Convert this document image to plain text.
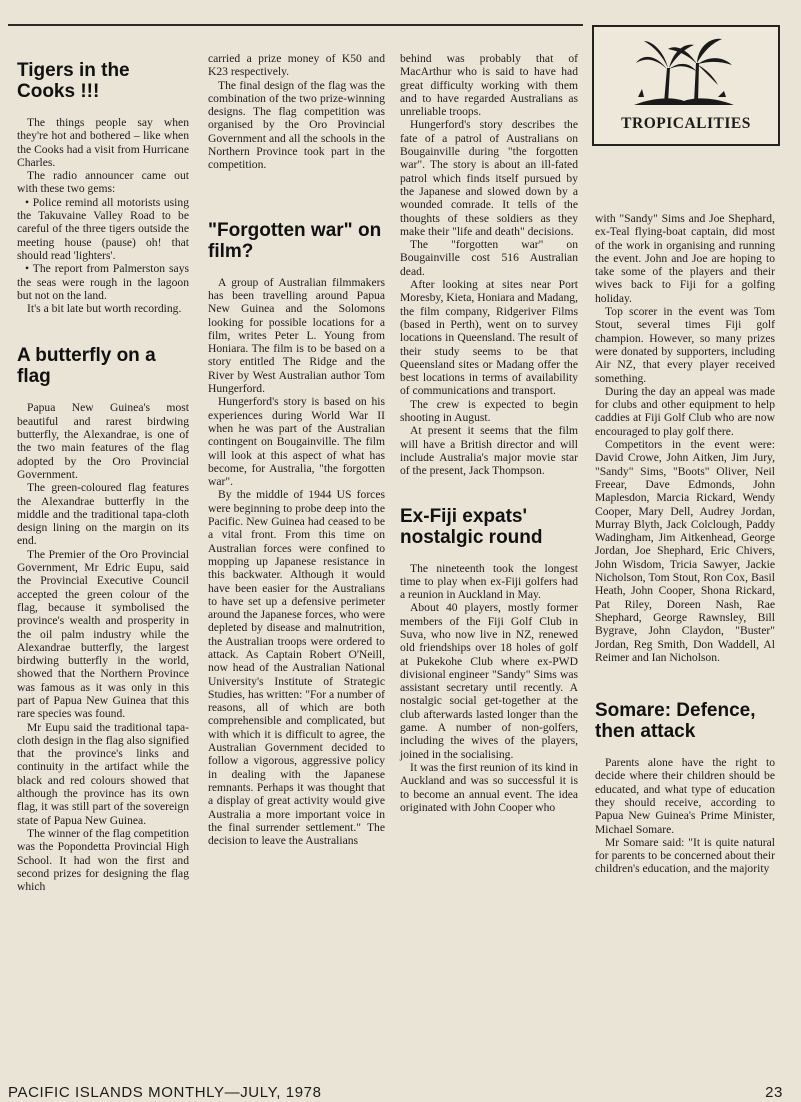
Tigers in the Cooks !!!

The things people say when they're hot and bothered – like when the Cooks had a visit from Hurricane Charles.

The radio announcer came out with these two gems:

• Police remind all motorists using the Takuvaine Valley Road to be careful of the three tigers outside the meeting house (pause) oh! that should read 'lighters'.

• The report from Palmerston says the seas were rough in the lagoon but not on the land.

It's a bit late but worth recording.

A butterfly on a flag

Papua New Guinea's most beautiful and rarest birdwing butterfly, the Alexandrae, is one of the two main features of the flag adopted by the Oro Provincial Government.

The green-coloured flag features the Alexandrae butterfly in the middle and the traditional tapa-cloth design lining on the margin on its end.

The Premier of the Oro Provincial Government, Mr Edric Eupu, said the Provincial Executive Council accepted the green colour of the flag, because it symbolised the province's wealth and prosperity in the oil palm industry while the Alexandrae butterfly, the largest birdwing butterfly in the world, showed that the Northern Province was famous as it was only in this part of Papua New Guinea that this rare species was found.

Mr Eupu said the traditional tapa-cloth design in the flag also signified that the province's links and continuity in the artifact while the black and red colours showed that although the province has its own flag, it was still part of the sovereign state of Papua New Guinea.

The winner of the flag competition was the Popondetta Provincial High School. It had won the first and second prizes for designing the flag which

carried a prize money of K50 and K23 respectively.

The final design of the flag was the combination of the two prize-winning designs. The flag competition was organised by the Oro Provincial Government and all the schools in the Northern Province took part in the competition.

"Forgotten war" on film?

A group of Australian filmmakers has been travelling around Papua New Guinea and the Solomons looking for possible locations for a film, writes Peter L. Young from Honiara. The film is to be based on a story entitled The Ridge and the River by West Australian author Tom Hungerford.

Hungerford's story is based on his experiences during World War II when he was part of the Australian contingent on Bougainville. The film will look at this aspect of what has become, for Australia, "the forgotten war".

By the middle of 1944 US forces were beginning to probe deep into the Pacific. New Guinea had ceased to be a vital front. From this time on Australian forces were confined to mopping up Japanese resistance in this backwater. Although it would have been easier for the Australians to have set up a defensive perimeter around the Japanese forces, who were depleted by disease and malnutrition, the Australian troops were ordered to attack. As Captain Robert O'Neill, now head of the Australian National University's Institute of Strategic Studies, has written: "For a number of reasons, all of which are both comprehensible and complicated, but with which it is difficult to agree, the Australian Government decided to follow a vigorous, aggressive policy in dealing with the Japanese remnants. Perhaps it was thought that a display of great activity would give Australia a more important voice in the final surrender settlement." The decision to leave the Australians

behind was probably that of MacArthur who is said to have had great difficulty working with them and to have regarded Australians as unreliable troops.

Hungerford's story describes the fate of a patrol of Australians on Bougainville during "the forgotten war". The story is about an ill-fated patrol which finds itself pursued by the Japanese and slowed down by a wounded comrade. It tells of the thoughts of these soldiers as they make their "life and death" decisions.

The "forgotten war" on Bougainville cost 516 Australian dead.

After looking at sites near Port Moresby, Kieta, Honiara and Madang, the film company, Ridgeriver Films (based in Perth), went on to survey locations in Queensland. The result of their study seems to be that Queensland sites or Madang offer the best locations in terms of availability of communications and transport.

The crew is expected to begin shooting in August.

At present it seems that the film will have a British director and will include Australia's major movie star of the present, Jack Thompson.

Ex-Fiji expats' nostalgic round

The nineteenth took the longest time to play when ex-Fiji golfers had a reunion in Auckland in May.

About 40 players, mostly former members of the Fiji Golf Club in Suva, who now live in NZ, renewed old friendships over 18 holes of golf at Pukekohe Club where ex-PWD divisional engineer "Sandy" Sims was assistant secretary until recently. A nostalgic social get-together at the club afterwards lasted longer than the game. A number of non-golfers, including the wives of the players, joined in the socialising.

It was the first reunion of its kind in Auckland and was so successful it is to become an annual event. The idea originated with John Cooper who

TROPICALITIES

with "Sandy" Sims and Joe Shephard, ex-Teal flying-boat captain, did most of the work in organising and running the event. John and Joe are hoping to take some of the players and their wives back to Fiji for a golfing holiday.

Top scorer in the event was Tom Stout, several times Fiji golf champion. However, so many prizes were donated by supporters, including Air NZ, that every player received something.

During the day an appeal was made for clubs and other equipment to help caddies at Fiji Golf Club who are now encouraged to play golf there.

Competitors in the event were: David Crowe, John Aitken, Jim Jury, "Sandy" Sims, "Boots" Oliver, Neil Freear, Dave Edmonds, John Maplesdon, Marcia Rickard, Wendy Cooper, Mary Dell, Audrey Jordan, Murray Blyth, Jack Colclough, Paddy Wadingham, Jim Aitkenhead, George Jordan, Joe Shephard, Eric Chivers, John Wisdom, Tricia Sawyer, Jackie Nicholson, Tom Stout, Ron Cox, Basil Heath, John Cooper, Shona Rickard, Pat Riley, Doreen Nash, Rae Shephard, George Rawnsley, Bill Bygrave, John Claydon, "Buster" Jordan, Reg Smith, Don Waddell, Al Reimer and Ian Nicholson.

Somare: Defence, then attack

Parents alone have the right to decide where their children should be educated, and what type of education they should receive, according to Papua New Guinea's Prime Minister, Michael Somare.

Mr Somare said: "It is quite natural for parents to be concerned about their children's education, and the majority

PACIFIC ISLANDS MONTHLY—JULY, 1978	23
